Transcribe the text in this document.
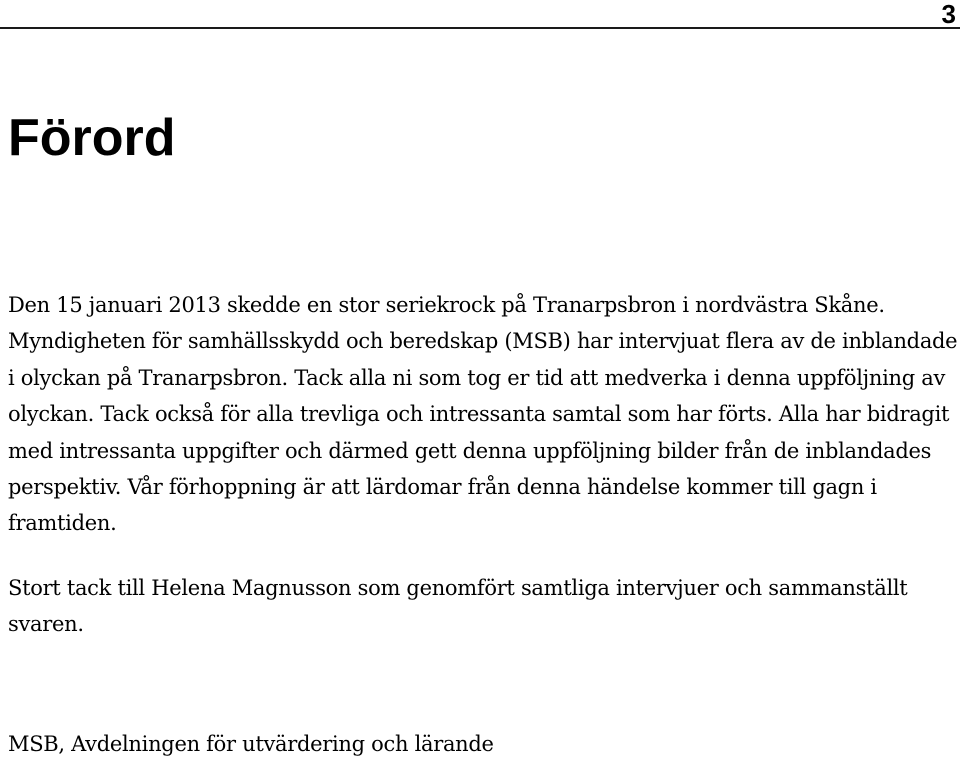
3
Förord

Den 15 januari 2013 skedde en stor seriekrock på Tranarpsbron i nordvästra Skåne. Myndigheten för samhällsskydd och beredskap (MSB) har intervjuat flera av de inblandade i olyckan på Tranarpsbron. Tack alla ni som tog er tid att medverka i denna uppföljning av olyckan. Tack också för alla trevliga och intressanta samtal som har förts. Alla har bidragit med intressanta uppgifter och därmed gett denna uppföljning bilder från de inblandades perspektiv. Vår förhoppning är att lärdomar från denna händelse kommer till gagn i framtiden.

Stort tack till Helena Magnusson som genomfört samtliga intervjuer och sammanställt svaren.

MSB, Avdelningen för utvärdering och lärande
